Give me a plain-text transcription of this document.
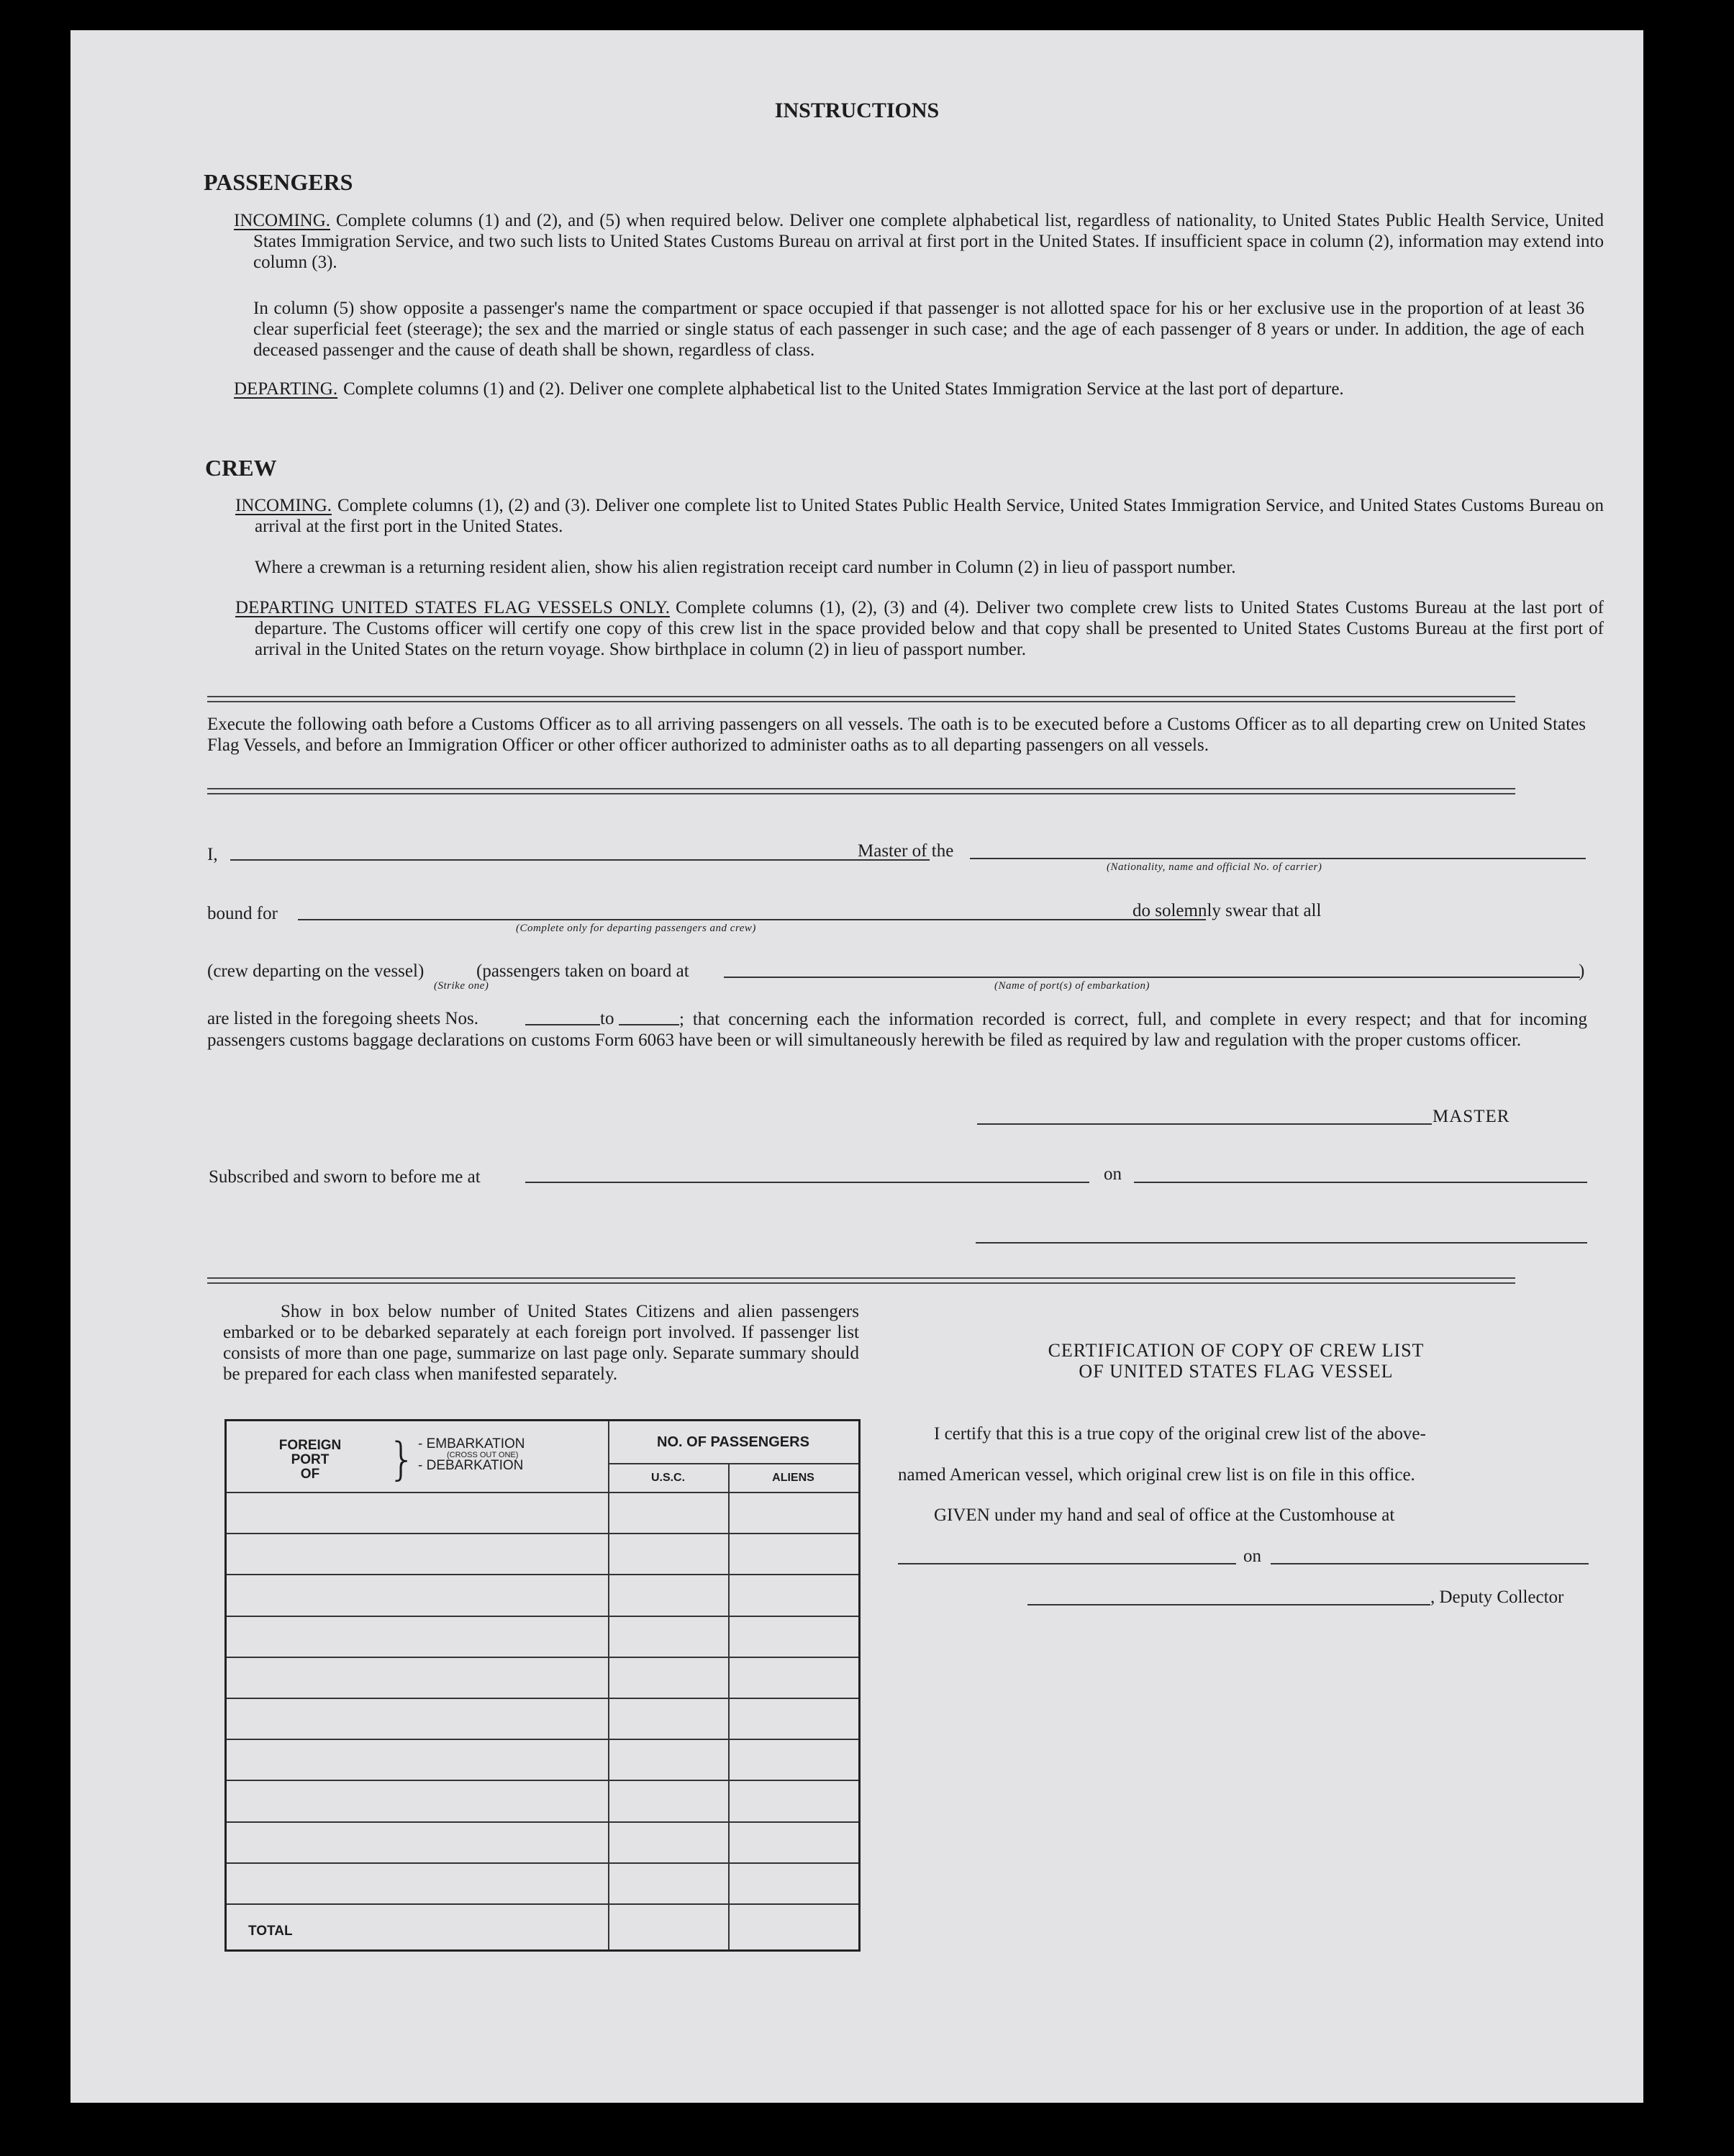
INSTRUCTIONS
PASSENGERS
INCOMING. Complete columns (1) and (2), and (5) when required below. Deliver one complete alphabetical list, regardless of nationality, to United States Public Health Service, United States Immigration Service, and two such lists to United States Customs Bureau on arrival at first port in the United States. If insufficient space in column (2), information may extend into column (3).
In column (5) show opposite a passenger's name the compartment or space occupied if that passenger is not allotted space for his or her exclusive use in the proportion of at least 36 clear superficial feet (steerage); the sex and the married or single status of each passenger in such case; and the age of each passenger of 8 years or under. In addition, the age of each deceased passenger and the cause of death shall be shown, regardless of class.
DEPARTING. Complete columns (1) and (2). Deliver one complete alphabetical list to the United States Immigration Service at the last port of departure.
CREW
INCOMING. Complete columns (1), (2) and (3). Deliver one complete list to United States Public Health Service, United States Immigration Service, and United States Customs Bureau on arrival at the first port in the United States.
Where a crewman is a returning resident alien, show his alien registration receipt card number in Column (2) in lieu of passport number.
DEPARTING UNITED STATES FLAG VESSELS ONLY. Complete columns (1), (2), (3) and (4). Deliver two complete crew lists to United States Customs Bureau at the last port of departure. The Customs officer will certify one copy of this crew list in the space provided below and that copy shall be presented to United States Customs Bureau at the first port of arrival in the United States on the return voyage. Show birthplace in column (2) in lieu of passport number.
Execute the following oath before a Customs Officer as to all arriving passengers on all vessels. The oath is to be executed before a Customs Officer as to all departing crew on United States Flag Vessels, and before an Immigration Officer or other officer authorized to administer oaths as to all departing passengers on all vessels.
I,	Master of the
(Nationality, name and official No. of carrier)
bound for
(Complete only for departing passengers and crew)
do solemnly swear that all
(crew departing on the vessel)
(Strike one)
(passengers taken on board at
(Name of port(s) of embarkation)
)
are listed in the foregoing sheets Nos.	to	; that concerning each the information recorded is correct, full, and complete in every respect; and that for incoming passengers customs baggage declarations on customs Form 6063 have been or will simultaneously herewith be filed as required by law and regulation with the proper customs officer.
MASTER
Subscribed and sworn to before me at	on
Show in box below number of United States Citizens and alien passengers embarked or to be debarked separately at each foreign port involved. If passenger list consists of more than one page, summarize on last page only. Separate summary should be prepared for each class when manifested separately.
FOREIGN
PORT
OF	} - EMBARKATION
(CROSS OUT ONE)
- DEBARKATION
NO. OF PASSENGERS
U.S.C.	ALIENS
TOTAL
CERTIFICATION OF COPY OF CREW LIST
OF UNITED STATES FLAG VESSEL
I certify that this is a true copy of the original crew list of the above-
named American vessel, which original crew list is on file in this office.
GIVEN under my hand and seal of office at the Customhouse at
on
, Deputy Collector
